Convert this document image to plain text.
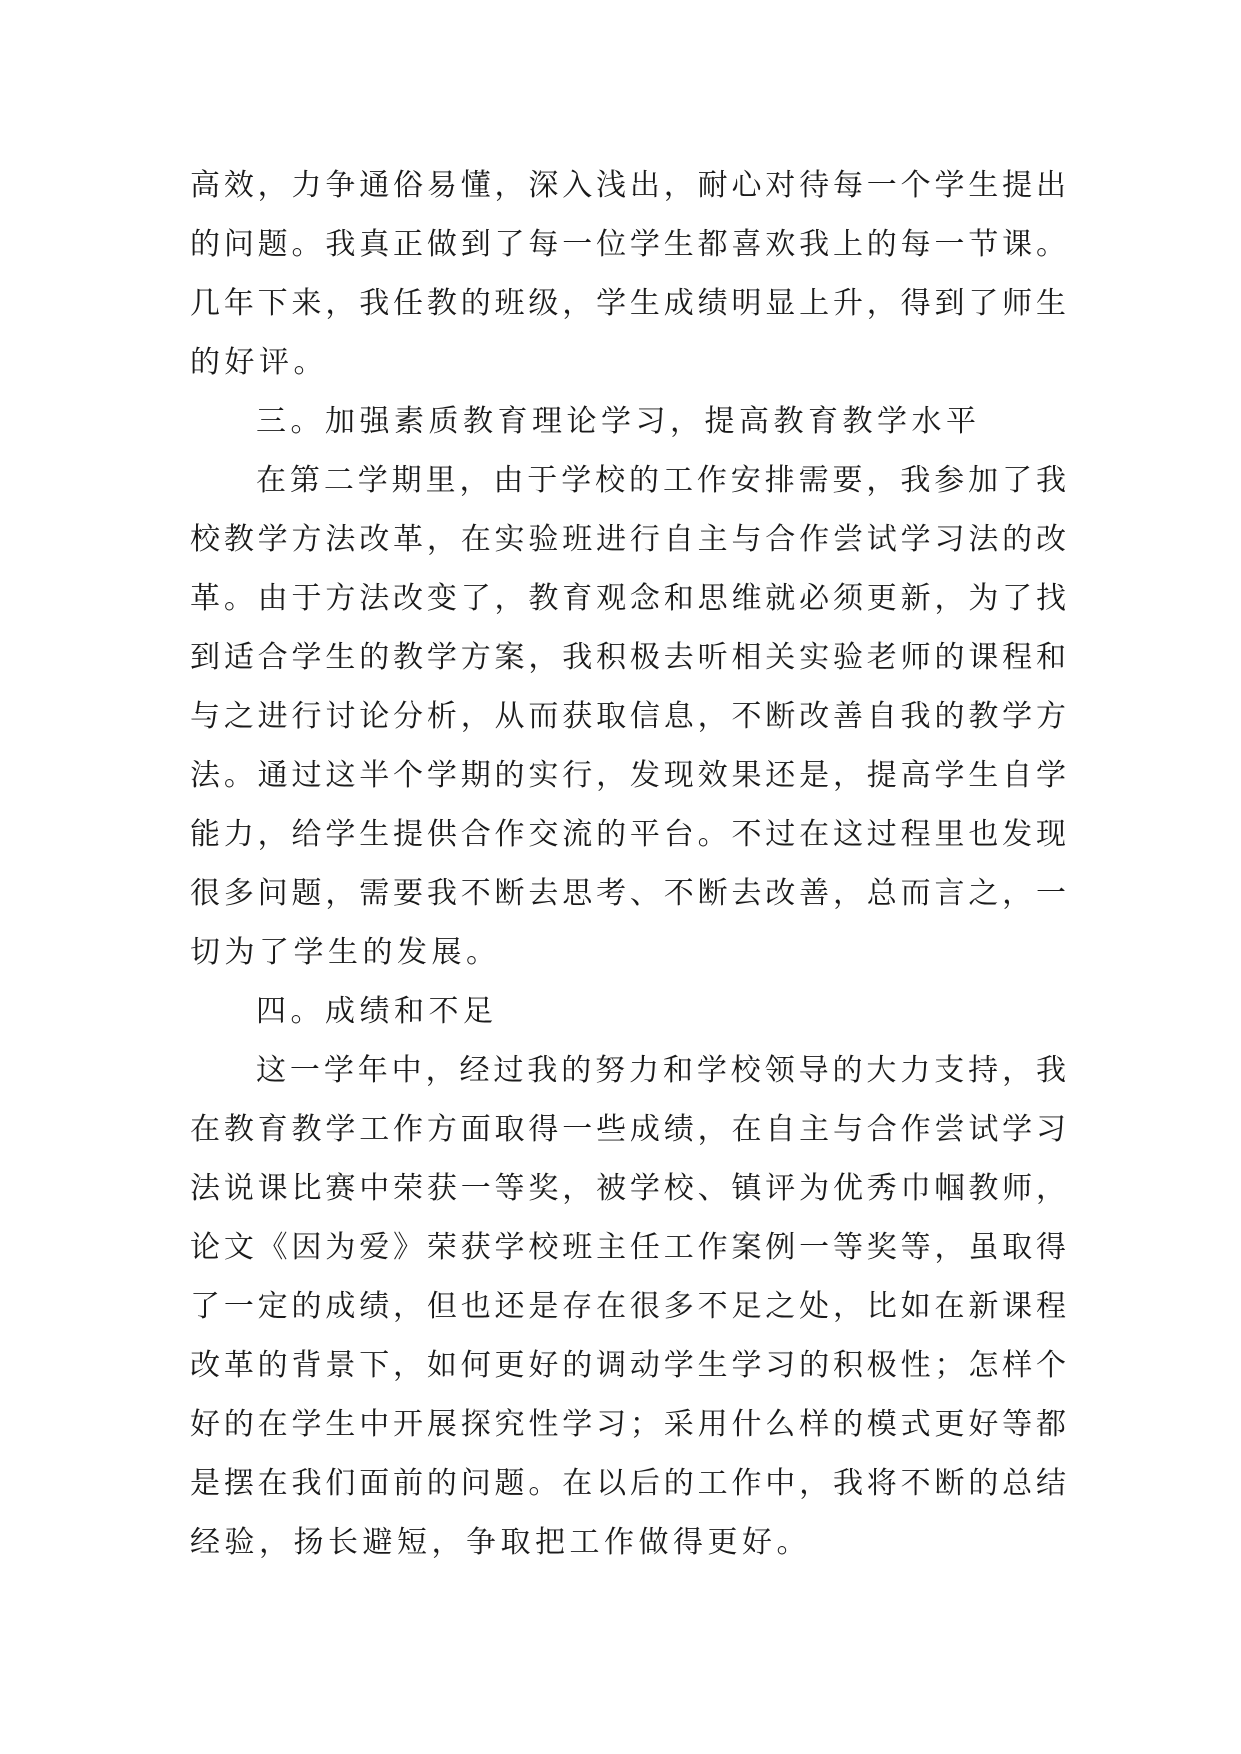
高效，力争通俗易懂，深入浅出，耐心对待每一个学生提出
的问题。我真正做到了每一位学生都喜欢我上的每一节课。
几年下来，我任教的班级，学生成绩明显上升，得到了师生
的好评。
三。加强素质教育理论学习，提高教育教学水平
在第二学期里，由于学校的工作安排需要，我参加了我
校教学方法改革，在实验班进行自主与合作尝试学习法的改
革。由于方法改变了，教育观念和思维就必须更新，为了找
到适合学生的教学方案，我积极去听相关实验老师的课程和
与之进行讨论分析，从而获取信息，不断改善自我的教学方
法。通过这半个学期的实行，发现效果还是，提高学生自学
能力，给学生提供合作交流的平台。不过在这过程里也发现
很多问题，需要我不断去思考、不断去改善，总而言之，一
切为了学生的发展。
四。成绩和不足
这一学年中，经过我的努力和学校领导的大力支持，我
在教育教学工作方面取得一些成绩，在自主与合作尝试学习
法说课比赛中荣获一等奖，被学校、镇评为优秀巾帼教师，
论文《因为爱》荣获学校班主任工作案例一等奖等，虽取得
了一定的成绩，但也还是存在很多不足之处，比如在新课程
改革的背景下，如何更好的调动学生学习的积极性；怎样个
好的在学生中开展探究性学习；采用什么样的模式更好等都
是摆在我们面前的问题。在以后的工作中，我将不断的总结
经验，扬长避短，争取把工作做得更好。
